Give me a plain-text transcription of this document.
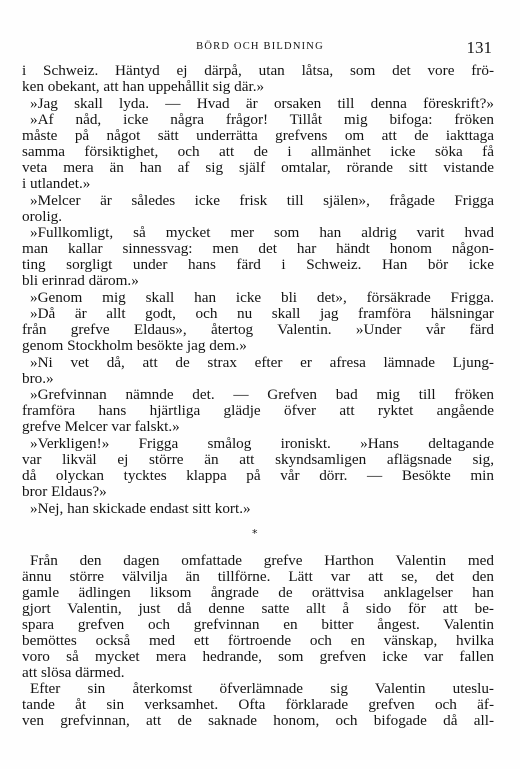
BÖRD OCH BILDNING	131
i Schweiz. Häntyd ej därpå, utan låtsa, som det vore frö-
ken obekant, att han uppehållit sig där.»
»Jag skall lyda. — Hvad är orsaken till denna föreskrift?»
»Af nåd, icke några frågor! Tillåt mig bifoga: fröken
måste på något sätt underrätta grefvens om att de iakttaga
samma försiktighet, och att de i allmänhet icke söka få
veta mera än han af sig själf omtalar, rörande sitt vistande
i utlandet.»
»Melcer är således icke frisk till själen», frågade Frigga
orolig.
»Fullkomligt, så mycket mer som han aldrig varit hvad
man kallar sinnessvag: men det har händt honom någon-
ting sorgligt under hans färd i Schweiz. Han bör icke
bli erinrad därom.»
»Genom mig skall han icke bli det», försäkrade Frigga.
»Då är allt godt, och nu skall jag framföra hälsningar
från grefve Eldaus», återtog Valentin. »Under vår färd
genom Stockholm besökte jag dem.»
»Ni vet då, att de strax efter er afresa lämnade Ljung-
bro.»
»Grefvinnan nämnde det. — Grefven bad mig till fröken
framföra hans hjärtliga glädje öfver att ryktet angående
grefve Melcer var falskt.»
»Verkligen!» Frigga smålog ironiskt. »Hans deltagande
var likväl ej större än att skyndsamligen aflägsnade sig,
då olyckan tycktes klappa på vår dörr. — Besökte min
bror Eldaus?»
»Nej, han skickade endast sitt kort.»
*
Från den dagen omfattade grefve Harthon Valentin med
ännu större välvilja än tillförne. Lätt var att se, det den
gamle ädlingen liksom ångrade de orättvisa anklagelser han
gjort Valentin, just då denne satte allt å sido för att be-
spara grefven och grefvinnan en bitter ångest. Valentin
bemöttes också med ett förtroende och en vänskap, hvilka
voro så mycket mera hedrande, som grefven icke var fallen
att slösa därmed.
Efter sin återkomst öfverlämnade sig Valentin uteslu-
tande åt sin verksamhet. Ofta förklarade grefven och äf-
ven grefvinnan, att de saknade honom, och bifogade då all-
